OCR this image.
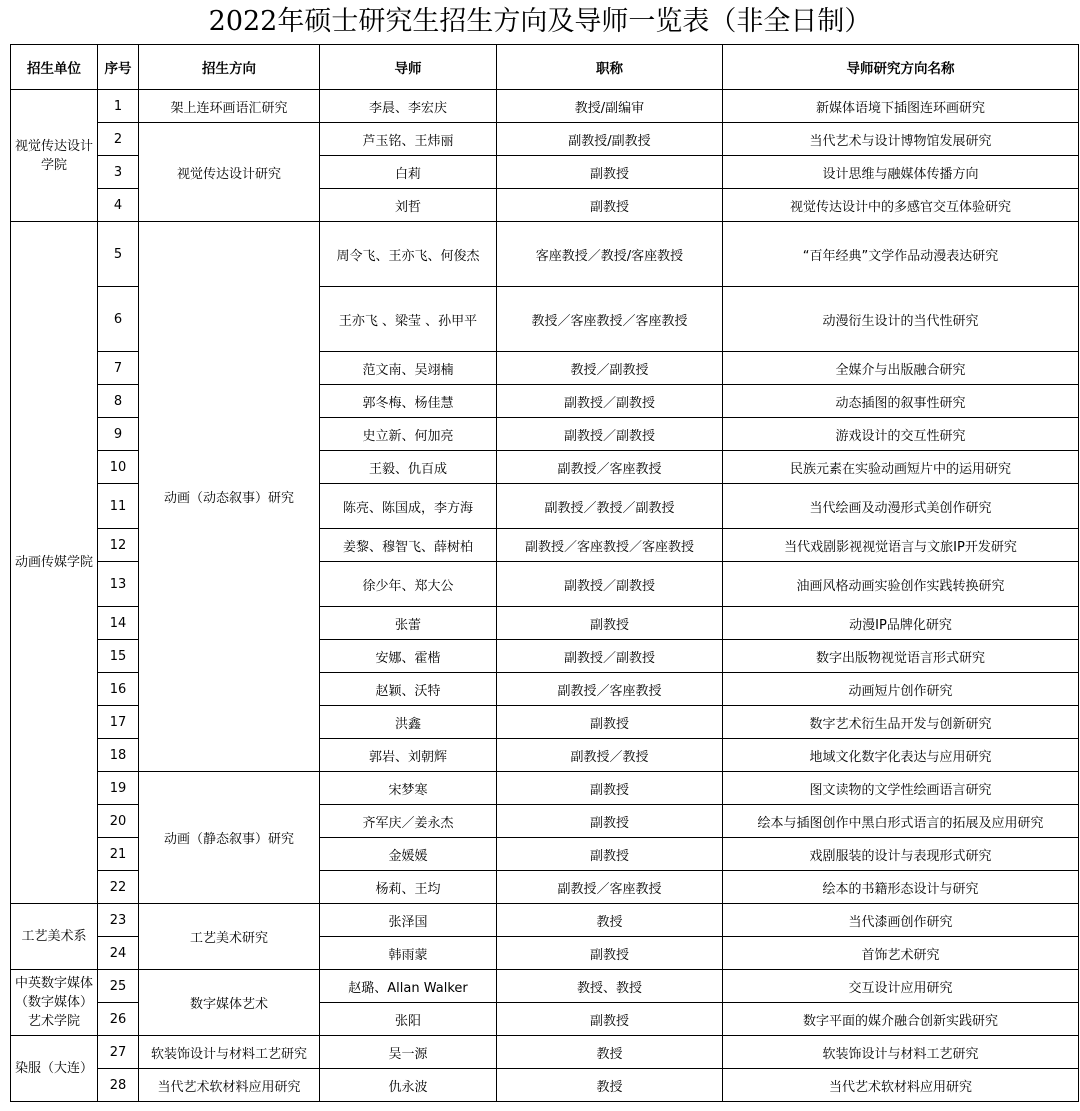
2022年硕士研究生招生方向及导师一览表（非全日制）
招生单位	序号	招生方向	导师	职称	导师研究方向名称
视觉传达设计学院	1	架上连环画语汇研究	李晨、李宏庆	教授/副编审	新媒体语境下插图连环画研究
	2	视觉传达设计研究	芦玉铭、王炜丽	副教授/副教授	当代艺术与设计博物馆发展研究
	3		白莉	副教授	设计思维与融媒体传播方向
	4		刘哲	副教授	视觉传达设计中的多感官交互体验研究
动画传媒学院	5	动画（动态叙事）研究	周令飞、王亦飞、何俊杰	客座教授／教授/客座教授	“百年经典”文学作品动漫表达研究
	6		王亦飞 、梁莹 、孙甲平	教授／客座教授／客座教授	动漫衍生设计的当代性研究
	7		范文南、吴翊楠	教授／副教授	全媒介与出版融合研究
	8		郭冬梅、杨佳慧	副教授／副教授	动态插图的叙事性研究
	9		史立新、何加亮	副教授／副教授	游戏设计的交互性研究
	10		王毅、仇百成	副教授／客座教授	民族元素在实验动画短片中的运用研究
	11		陈亮、陈国成，李方海	副教授／教授／副教授	当代绘画及动漫形式美创作研究
	12		姜黎、穆智飞、薛树柏	副教授／客座教授／客座教授	当代戏剧影视视觉语言与文旅IP开发研究
	13		徐少年、郑大公	副教授／副教授	油画风格动画实验创作实践转换研究
	14		张蕾	副教授	动漫IP品牌化研究
	15		安娜、霍楷	副教授／副教授	数字出版物视觉语言形式研究
	16		赵颖、沃特	副教授／客座教授	动画短片创作研究
	17		洪鑫	副教授	数字艺术衍生品开发与创新研究
	18		郭岩、刘朝辉	副教授／教授	地域文化数字化表达与应用研究
	19	动画（静态叙事）研究	宋梦寒	副教授	图文读物的文学性绘画语言研究
	20		齐军庆／姜永杰	副教授	绘本与插图创作中黑白形式语言的拓展及应用研究
	21		金媛媛	副教授	戏剧服装的设计与表现形式研究
	22		杨莉、王均	副教授／客座教授	绘本的书籍形态设计与研究
工艺美术系	23	工艺美术研究	张泽国	教授	当代漆画创作研究
	24		韩雨蒙	副教授	首饰艺术研究
中英数字媒体（数字媒体）艺术学院	25	数字媒体艺术	赵璐、Allan Walker	教授、教授	交互设计应用研究
	26		张阳	副教授	数字平面的媒介融合创新实践研究
染服（大连）	27	软装饰设计与材料工艺研究	吴一源	教授	软装饰设计与材料工艺研究
	28	当代艺术软材料应用研究	仇永波	教授	当代艺术软材料应用研究
